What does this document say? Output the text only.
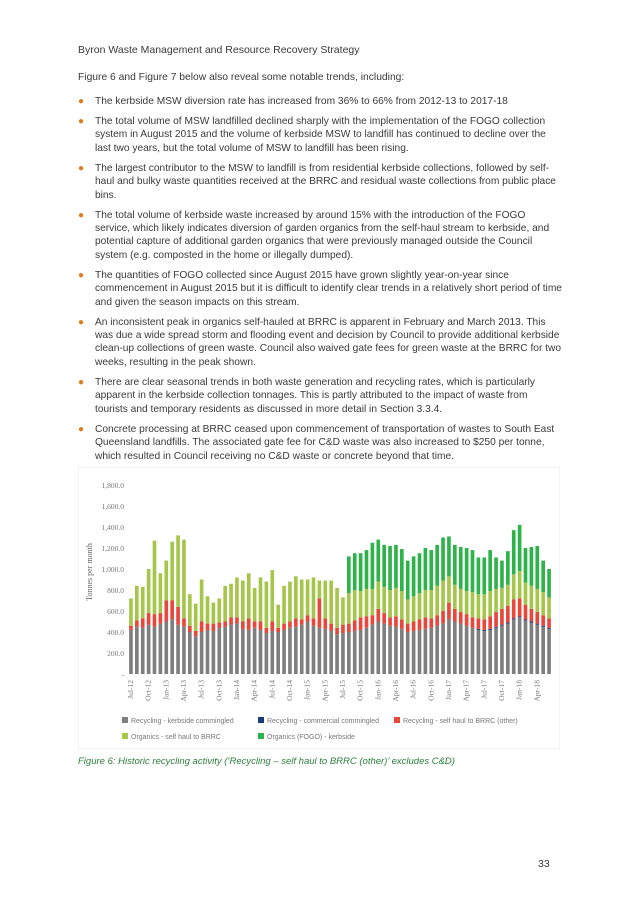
Byron Waste Management and Resource Recovery Strategy
Figure 6 and Figure 7 below also reveal some notable trends, including:
● The kerbside MSW diversion rate has increased from 36% to 66% from 2012-13 to 2017-18
● The total volume of MSW landfilled declined sharply with the implementation of the FOGO collection system in August 2015 and the volume of kerbside MSW to landfill has continued to decline over the last two years, but the total volume of MSW to landfill has been rising.
● The largest contributor to the MSW to landfill is from residential kerbside collections, followed by self-haul and bulky waste quantities received at the BRRC and residual waste collections from public place bins.
● The total volume of kerbside waste increased by around 15% with the introduction of the FOGO service, which likely indicates diversion of garden organics from the self-haul stream to kerbside, and potential capture of additional garden organics that were previously managed outside the Council system (e.g. composted in the home or illegally dumped).
● The quantities of FOGO collected since August 2015 have grown slightly year-on-year since commencement in August 2015 but it is difficult to identify clear trends in a relatively short period of time and given the season impacts on this stream.
● An inconsistent peak in organics self-hauled at BRRC is apparent in February and March 2013. This was due a wide spread storm and flooding event and decision by Council to provide additional kerbside clean-up collections of green waste. Council also waived gate fees for green waste at the BRRC for two weeks, resulting in the peak shown.
● There are clear seasonal trends in both waste generation and recycling rates, which is particularly apparent in the kerbside collection tonnages. This is partly attributed to the impact of waste from tourists and temporary residents as discussed in more detail in Section 3.3.4.
● Concrete processing at BRRC ceased upon commencement of transportation of wastes to South East Queensland landfills. The associated gate fee for C&D waste was also increased to $250 per tonne, which resulted in Council receiving no C&D waste or concrete beyond that time.
-
200.0
400.0
600.0
800.0
1,000.0
1,200.0
1,400.0
1,600.0
1,800.0
Jul-12 Oct-12 Jan-13 Apr-13 Jul-13 Oct-13 Jan-14 Apr-14 Jul-14 Oct-14 Jan-15 Apr-15 Jul-15 Oct-15 Jan-16 Apr-16 Jul-16 Oct-16 Jan-17 Apr-17 Jul-17 Oct-17 Jan-18 Apr-18
Tonnes per month
Recycling - kerbside commingled	Recycling - commercial commingled	Recycling - self haul to BRRC (other)
Organics - self haul to BRRC	Organics (FOGO) - kerbside
Figure 6: Historic recycling activity (‘Recycling – self haul to BRRC (other)’ excludes C&D)
33
